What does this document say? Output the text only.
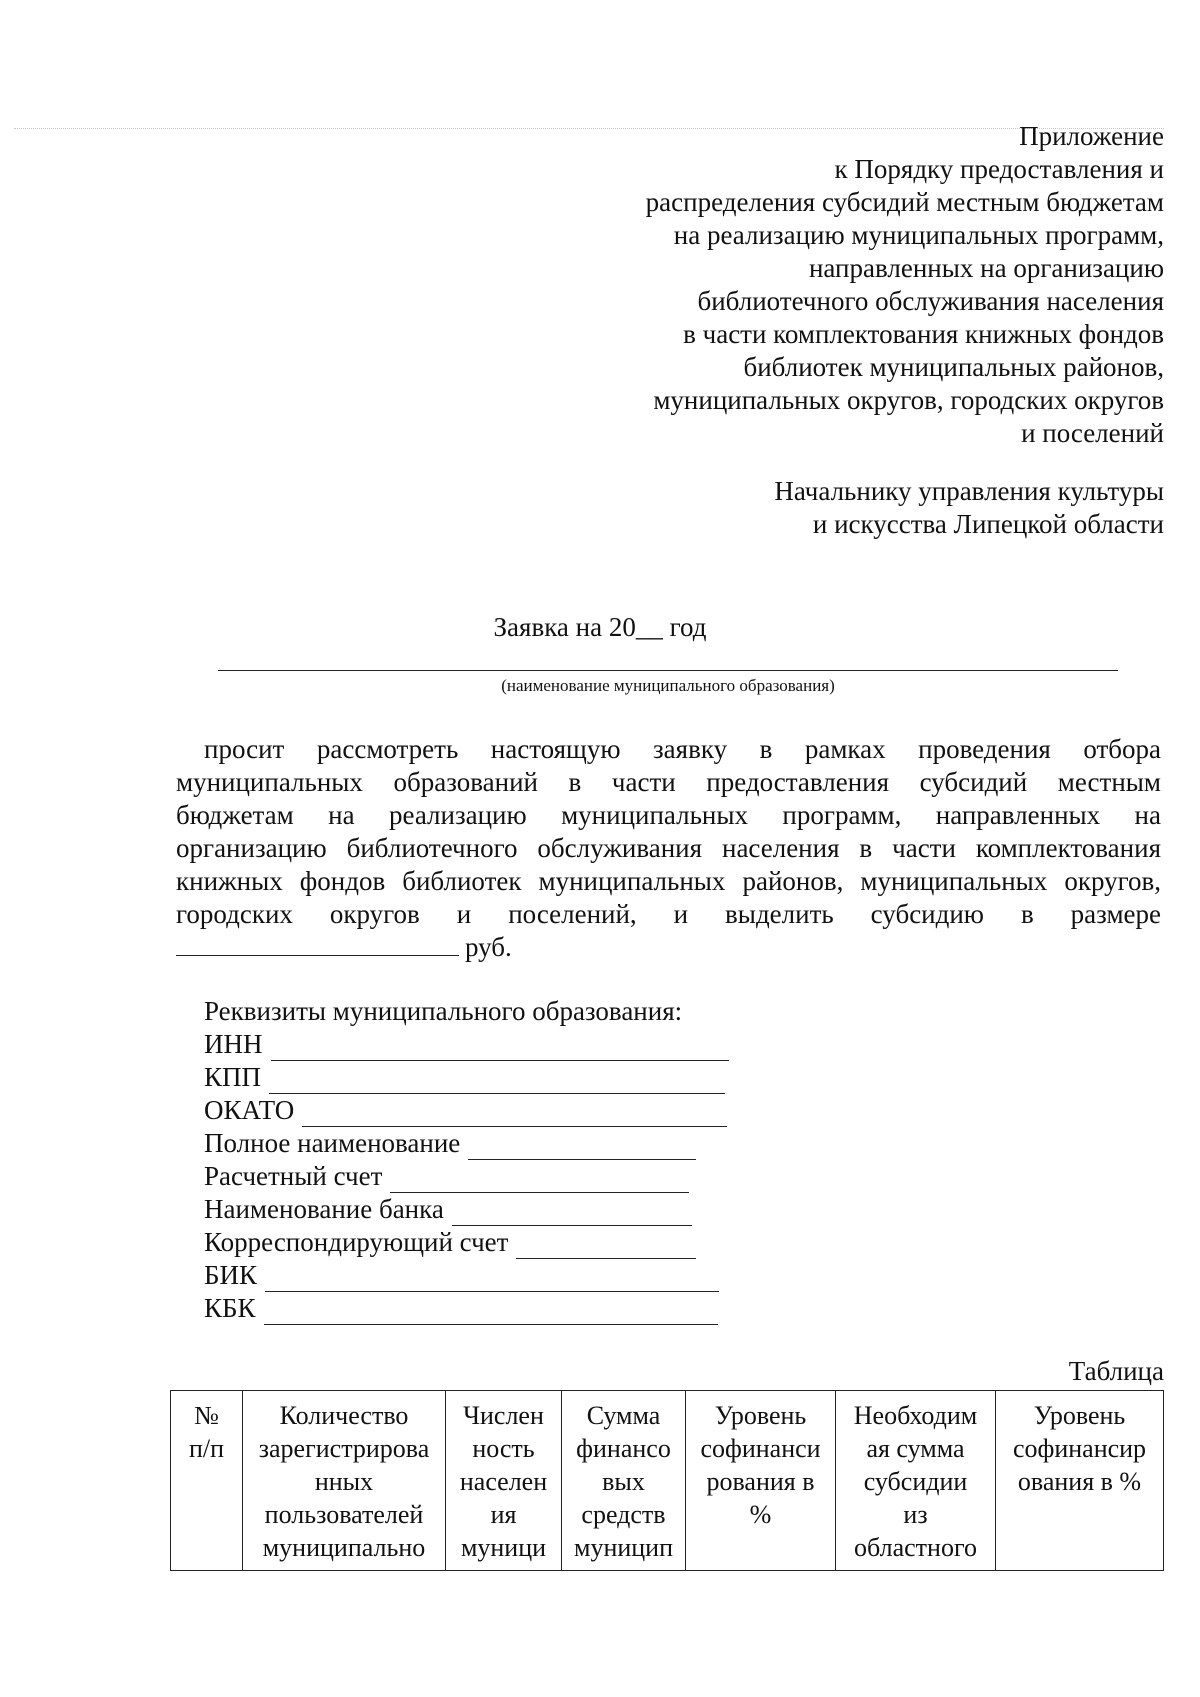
Приложение
к Порядку предоставления и
распределения субсидий местным бюджетам
на реализацию муниципальных программ,
направленных на организацию
библиотечного обслуживания населения
в части комплектования книжных фондов
библиотек муниципальных районов,
муниципальных округов, городских округов
и поселений
Начальнику управления культуры
и искусства Липецкой области
Заявка на 20__ год
(наименование муниципального образования)
просит рассмотреть настоящую заявку в рамках проведения отбора
муниципальных образований в части предоставления субсидий местным
бюджетам на реализацию муниципальных программ, направленных на
организацию библиотечного обслуживания населения в части комплектования
книжных фондов библиотек муниципальных районов, муниципальных округов,
городских округов и поселений, и выделить субсидию в размере
руб.
Реквизиты муниципального образования:
ИНН
КПП
ОКАТО
Полное наименование
Расчетный счет
Наименование банка
Корреспондирующий счет
БИК
КБК
Таблица
№
п/п

Количество
зарегистрирова
нных
пользователей
муниципально

Числен
ность
населен
ия
муници

Сумма
финансо
вых
средств
муницип

Уровень
софинанси
рования в
%

Необходим
ая сумма
субсидии
из
областного

Уровень
софинансир
ования в %
